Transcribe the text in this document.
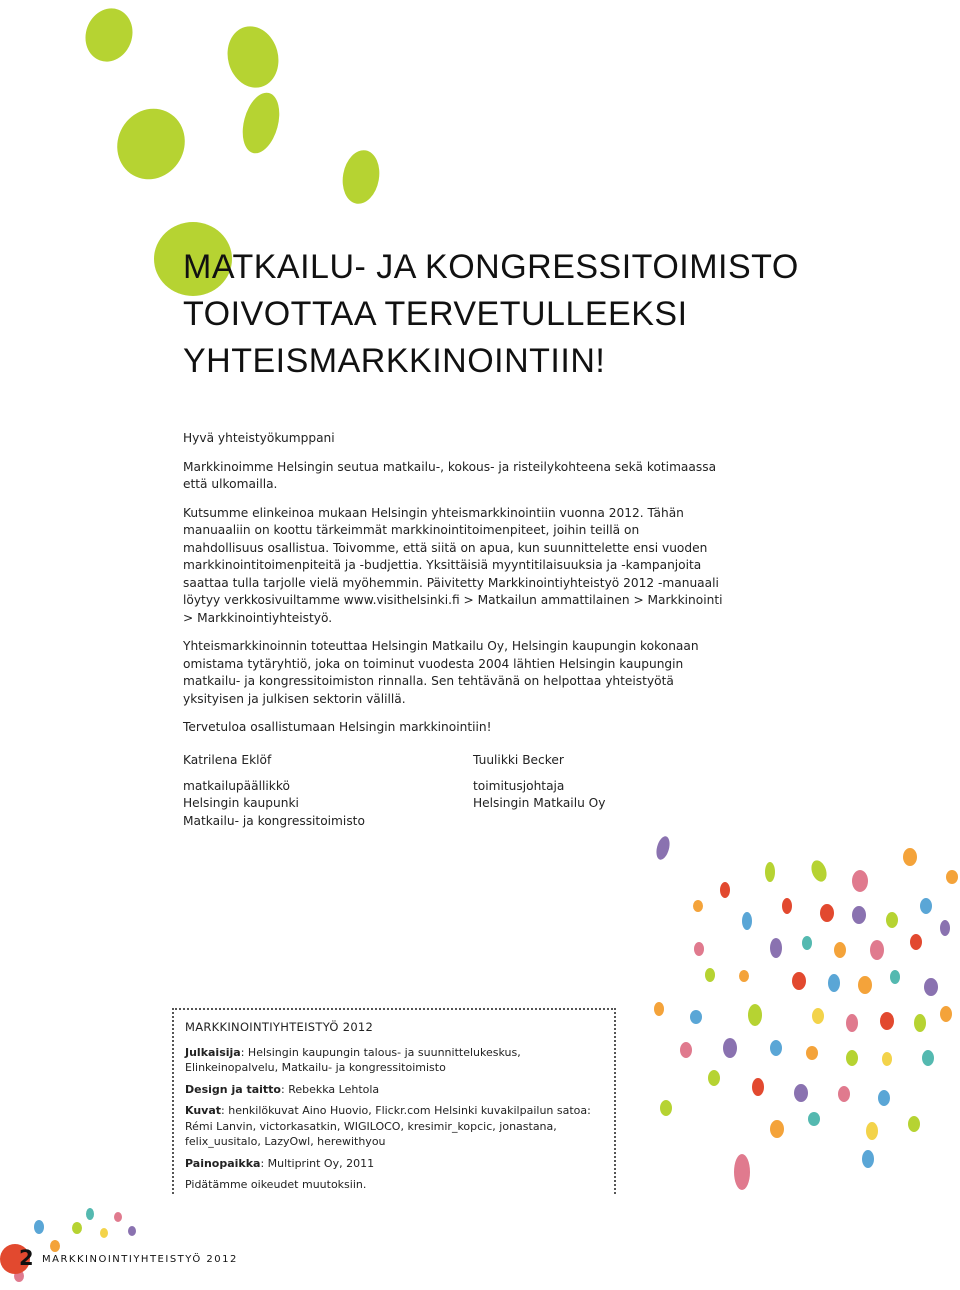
MATKAILU- JA KONGRESSITOIMISTO
TOIVOTTAA TERVETULLEEKSI
YHTEISMARKKINOINTIIN!

Hyvä yhteistyökumppani

Markkinoimme Helsingin seutua matkailu-, kokous- ja risteilykohteena sekä kotimaassa että ulkomailla.

Kutsumme elinkeinoa mukaan Helsingin yhteismarkkinointiin vuonna 2012. Tähän manuaaliin on koottu tärkeimmät markkinointitoimenpiteet, joihin teillä on mahdollisuus osallistua. Toivomme, että siitä on apua, kun suunnittelette ensi vuoden markkinointitoimenpiteitä ja -budjettia. Yksittäisiä myyntitilaisuuksia ja -kampanjoita saattaa tulla tarjolle vielä myöhemmin. Päivitetty Markkinointiyhteistyö 2012 -manuaali löytyy verkkosivuiltamme www.visithelsinki.fi > Matkailun ammattilainen > Markkinointi > Markkinointiyhteistyö.

Yhteismarkkinoinnin toteuttaa Helsingin Matkailu Oy, Helsingin kaupungin kokonaan omistama tytäryhtiö, joka on toiminut vuodesta 2004 lähtien Helsingin kaupungin matkailu- ja kongressitoimiston rinnalla. Sen tehtävänä on helpottaa yhteistyötä yksityisen ja julkisen sektorin välillä.

Tervetuloa osallistumaan Helsingin markkinointiin!

Katrilena Eklöf

matkailupäällikkö

Helsingin kaupunki

Matkailu- ja kongressitoimisto

Tuulikki Becker

toimitusjohtaja

Helsingin Matkailu Oy

MARKKINOINTIYHTEISTYÖ 2012

Julkaisija: Helsingin kaupungin talous- ja suunnittelukeskus, Elinkeinopalvelu, Matkailu- ja kongressitoimisto

Design ja taitto: Rebekka Lehtola

Kuvat: henkilökuvat Aino Huovio, Flickr.com Helsinki kuvakilpailun satoa: Rémi Lanvin, victorkasatkin, WIGILOCO, kresimir_kopcic, jonastana, felix_uusitalo, LazyOwl, herewithyou

Painopaikka: Multiprint Oy, 2011

Pidätämme oikeudet muutoksiin.

2 MARKKINOINTIYHTEISTYÖ 2012
